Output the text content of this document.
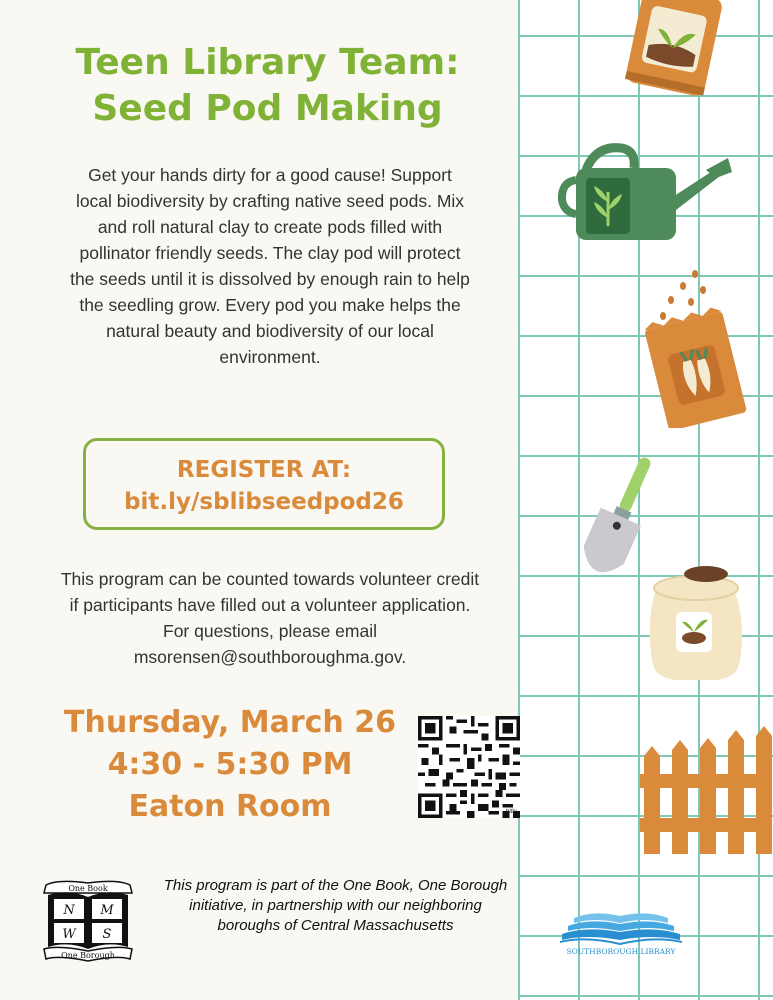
Teen Library Team:
Seed Pod Making

Get your hands dirty for a good cause! Support local biodiversity by crafting native seed pods. Mix and roll natural clay to create pods filled with pollinator friendly seeds. The clay pod will protect the seeds until it is dissolved by enough rain to help the seedling grow. Every pod you make helps the natural beauty and biodiversity of our local environment.

REGISTER AT:
bit.ly/sblibseedpod26

This program can be counted towards volunteer credit if participants have filled out a volunteer application. For questions, please email msorensen@southboroughma.gov.

Thursday, March 26
4:30 - 5:30 PM
Eaton Room	bitly
One Book
N M
W S
One Borough

This program is part of the One Book, One Borough initiative, in partnership with our neighboring boroughs of Central Massachusetts

SOUTHBOROUGH LIBRARY
